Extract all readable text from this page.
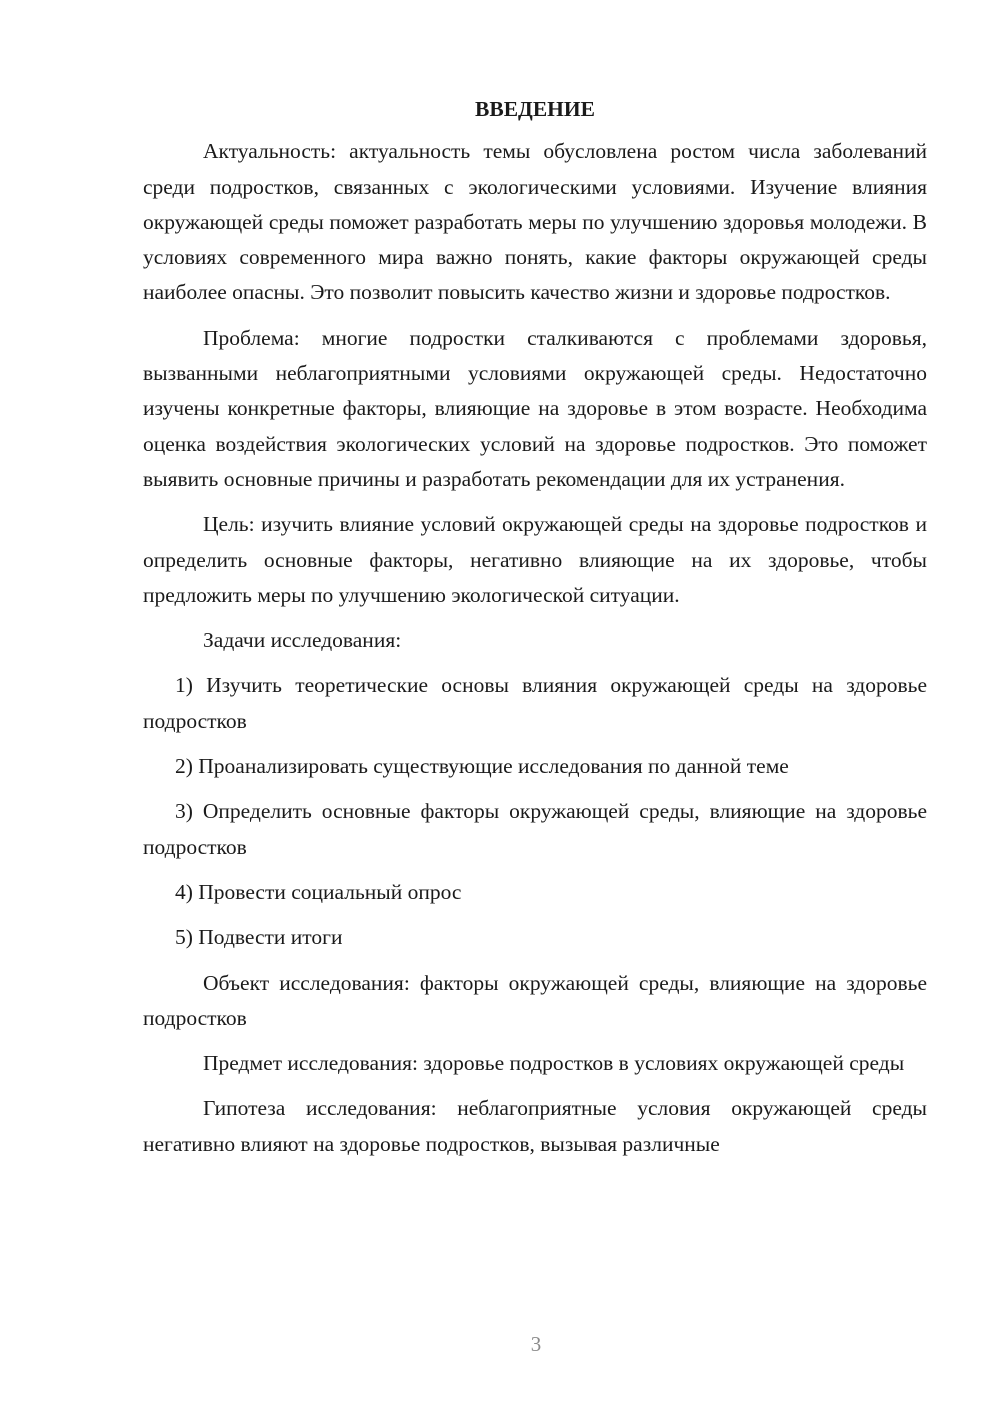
ВВЕДЕНИЕ
Актуальность: актуальность темы обусловлена ростом числа заболеваний среди подростков, связанных с экологическими условиями. Изучение влияния окружающей среды поможет разработать меры по улучшению здоровья молодежи. В условиях современного мира важно понять, какие факторы окружающей среды наиболее опасны. Это позволит повысить качество жизни и здоровье подростков.
Проблема: многие подростки сталкиваются с проблемами здоровья, вызванными неблагоприятными условиями окружающей среды. Недостаточно изучены конкретные факторы, влияющие на здоровье в этом возрасте. Необходима оценка воздействия экологических условий на здоровье подростков. Это поможет выявить основные причины и разработать рекомендации для их устранения.
Цель: изучить влияние условий окружающей среды на здоровье подростков и определить основные факторы, негативно влияющие на их здоровье, чтобы предложить меры по улучшению экологической ситуации.
Задачи исследования:
1) Изучить теоретические основы влияния окружающей среды на здоровье подростков
2) Проанализировать существующие исследования по данной теме
3) Определить основные факторы окружающей среды, влияющие на здоровье подростков
4) Провести социальный опрос
5) Подвести итоги
Объект исследования: факторы окружающей среды, влияющие на здоровье подростков
Предмет исследования: здоровье подростков в условиях окружающей среды
Гипотеза исследования: неблагоприятные условия окружающей среды негативно влияют на здоровье подростков, вызывая различные
3
